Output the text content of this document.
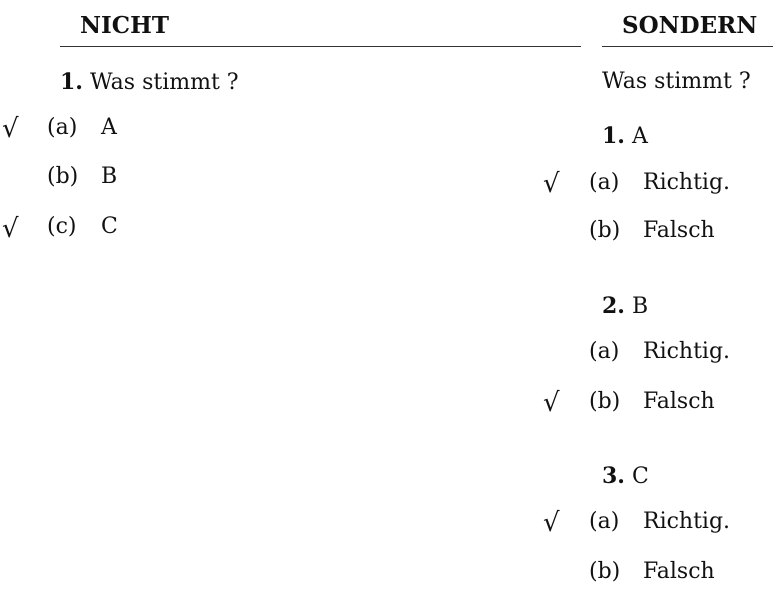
NICHT
1. Was stimmt ?
√ (a) A
(b) B
√ (c) C
SONDERN
Was stimmt ?
1. A
√ (a) Richtig.
(b) Falsch
2. B
(a) Richtig.
√ (b) Falsch
3. C
√ (a) Richtig.
(b) Falsch
